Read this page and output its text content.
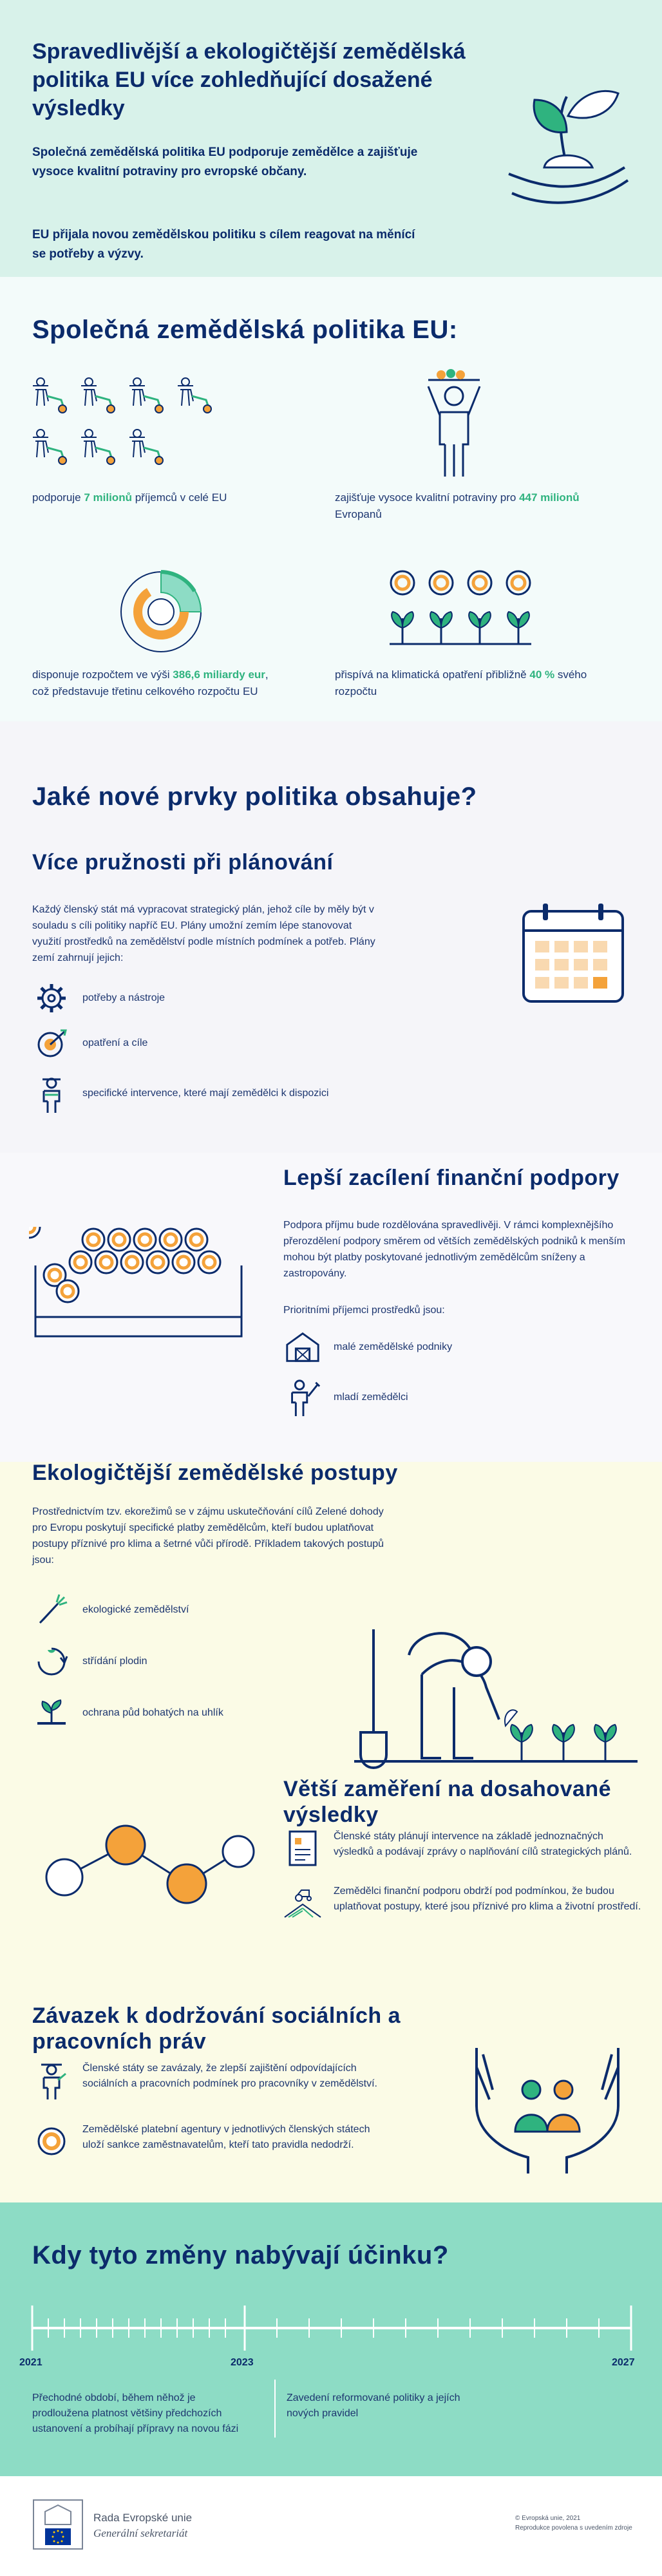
Spravedlivější a ekologičtější zemědělská politika EU více zohledňující dosažené výsledky
Společná zemědělská politika EU podporuje zemědělce a zajišťuje vysoce kvalitní potraviny pro evropské občany.
EU přijala novou zemědělskou politiku s cílem reagovat na měnící se potřeby a výzvy.
Společná zemědělská politika EU:
podporuje 7 milionů příjemců v celé EU	zajišťuje vysoce kvalitní potraviny pro 447 milionů Evropanů
disponuje rozpočtem ve výši 386,6 miliardy eur, což představuje třetinu celkového rozpočtu EU
přispívá na klimatická opatření přibližně 40 % svého rozpočtu
Jaké nové prvky politika obsahuje?
Více pružnosti při plánování
Každý členský stát má vypracovat strategický plán, jehož cíle by měly být v souladu s cíli politiky napříč EU. Plány umožní zemím lépe stanovovat využití prostředků na zemědělství podle místních podmínek a potřeb. Plány zemí zahrnují jejich:
potřeby a nástroje
opatření a cíle
specifické intervence, které mají zemědělci k dispozici
Lepší zacílení finanční podpory
Podpora příjmu bude rozdělována spravedlivěji. V rámci komplexnějšího přerozdělení podpory směrem od větších zemědělských podniků k menším mohou být platby poskytované jednotlivým zemědělcům sníženy a zastropovány.
Prioritními příjemci prostředků jsou:
malé zemědělské podniky
mladí zemědělci
Ekologičtější zemědělské postupy
Prostřednictvím tzv. ekorežimů se v zájmu uskutečňování cílů Zelené dohody pro Evropu poskytují specifické platby zemědělcům, kteří budou uplatňovat postupy příznivé pro klima a šetrné vůči přírodě. Příkladem takových postupů jsou:
ekologické zemědělství
střídání plodin
ochrana půd bohatých na uhlík
Větší zaměření na dosahované výsledky
Členské státy plánují intervence na základě jednoznačných výsledků a podávají zprávy o naplňování cílů strategických plánů.
Zemědělci finanční podporu obdrží pod podmínkou, že budou uplatňovat postupy, které jsou příznivé pro klima a životní prostředí.
Závazek k dodržování sociálních a pracovních práv
Členské státy se zavázaly, že zlepší zajištění odpovídajících sociálních a pracovních podmínek pro pracovníky v zemědělství.
Zemědělské platební agentury v jednotlivých členských státech uloží sankce zaměstnavatelům, kteří tato pravidla nedodrží.
Kdy tyto změny nabývají účinku?
2021	2023	2027
Přechodné období, během něhož je prodloužena platnost většiny předchozích ustanovení a probíhají přípravy na novou fázi
Zavedení reformované politiky a jejích nových pravidel
Rada Evropské unie
Generální sekretariát
© Evropská unie, 2021
Reprodukce povolena s uvedením zdroje
